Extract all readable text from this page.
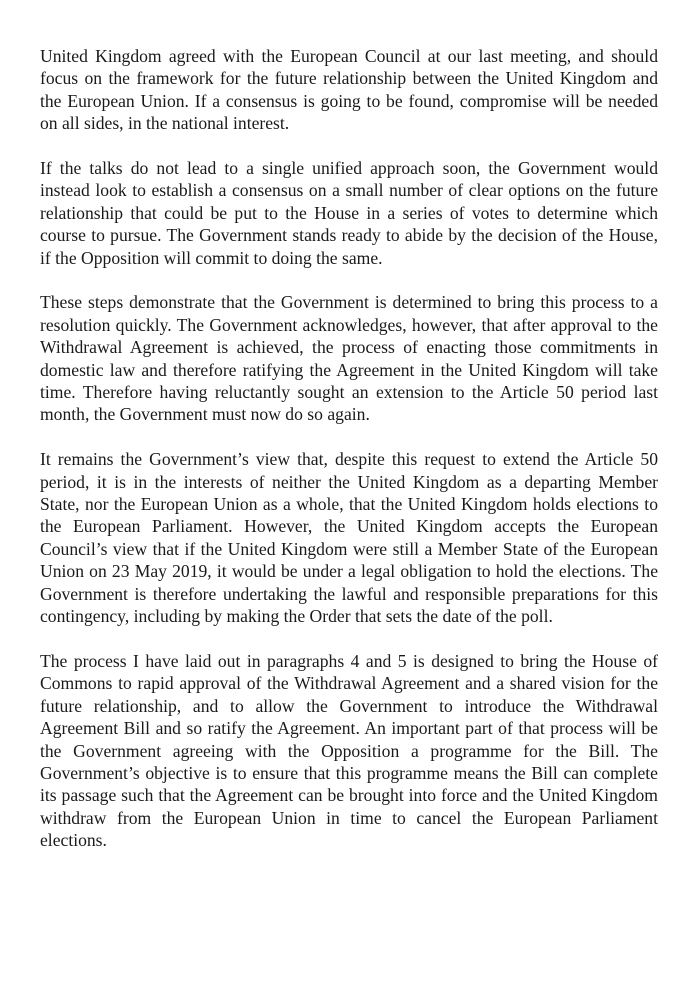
United Kingdom agreed with the European Council at our last meeting, and should focus on the framework for the future relationship between the United Kingdom and the European Union. If a consensus is going to be found, compromise will be needed on all sides, in the national interest.

If the talks do not lead to a single unified approach soon, the Government would instead look to establish a consensus on a small number of clear options on the future relationship that could be put to the House in a series of votes to determine which course to pursue. The Government stands ready to abide by the decision of the House, if the Opposition will commit to doing the same.

These steps demonstrate that the Government is determined to bring this process to a resolution quickly. The Government acknowledges, however, that after approval to the Withdrawal Agreement is achieved, the process of enacting those commitments in domestic law and therefore ratifying the Agreement in the United Kingdom will take time. Therefore having reluctantly sought an extension to the Article 50 period last month, the Government must now do so again.

It remains the Government’s view that, despite this request to extend the Article 50 period, it is in the interests of neither the United Kingdom as a departing Member State, nor the European Union as a whole, that the United Kingdom holds elections to the European Parliament. However, the United Kingdom accepts the European Council’s view that if the United Kingdom were still a Member State of the European Union on 23 May 2019, it would be under a legal obligation to hold the elections. The Government is therefore undertaking the lawful and responsible preparations for this contingency, including by making the Order that sets the date of the poll.

The process I have laid out in paragraphs 4 and 5 is designed to bring the House of Commons to rapid approval of the Withdrawal Agreement and a shared vision for the future relationship, and to allow the Government to introduce the Withdrawal Agreement Bill and so ratify the Agreement. An important part of that process will be the Government agreeing with the Opposition a programme for the Bill. The Government’s objective is to ensure that this programme means the Bill can complete its passage such that the Agreement can be brought into force and the United Kingdom withdraw from the European Union in time to cancel the European Parliament elections.
